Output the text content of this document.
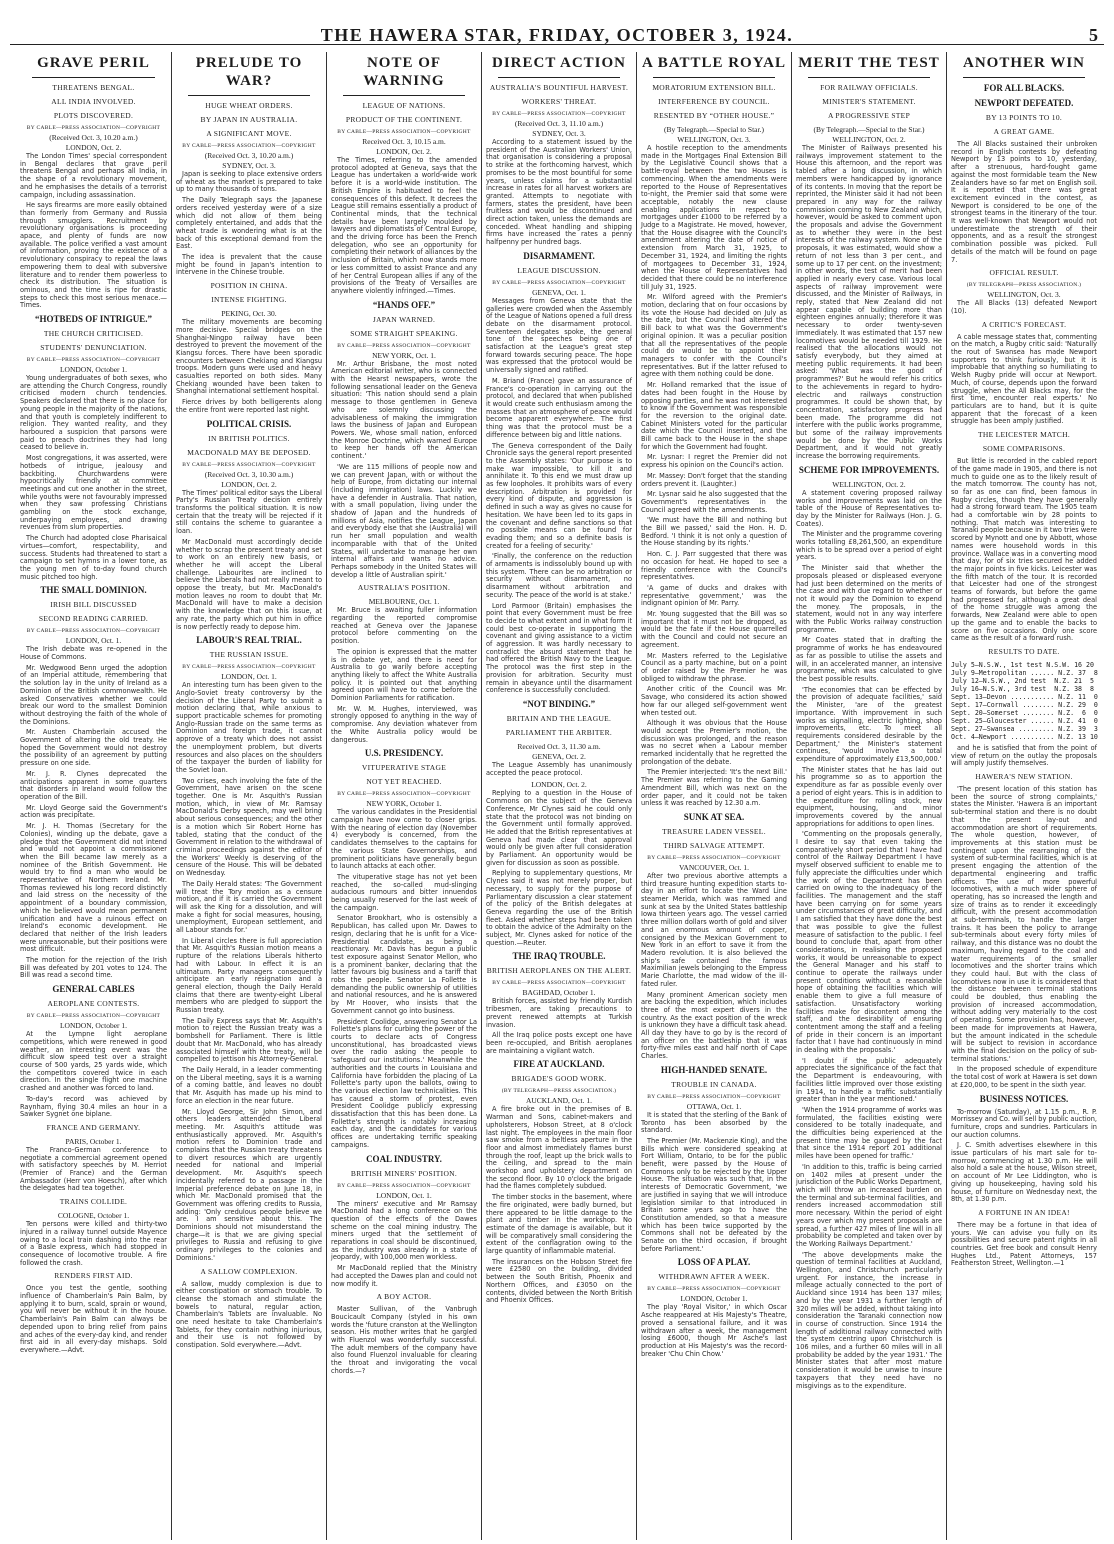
THE HAWERA STAR, FRIDAY, OCTOBER 3, 1924.	5
GRAVE PERIL
THREATENS BENGAL.
ALL INDIA INVOLVED.
PLOTS DISCOVERED.
BY CABLE—PRESS ASSOCIATION—COPYRIGHT
(Received Oct. 3, 10.20 a.m.)
LONDON, Oct. 2.
The London Times' special correspondent in Bengal declares that grave peril threatens Bengal and perhaps all India, in the shape of a revolutionary movement, and he emphasises the details of a terrorist campaign, including assassination.
He says firearms are more easily obtained than formerly from Germany and Russia through smugglers. Recruitment by revolutionary organisations is proceeding apace, and plenty of funds are now available. The police verified a vast amount of information, proving the existence of a revolutionary conspiracy to repeal the laws empowering them to deal with subversive literature and to render them powerless to check its distribution. The situation is ominous, and the time is ripe for drastic steps to check this most serious menace.—Times.
“HOTBEDS OF INTRIGUE.”
THE CHURCH CRITICISED.
STUDENTS' DENUNCIATION.
BY CABLE—PRESS ASSOCIATION—COPYRIGHT
LONDON, October 1.
Young undergraduates of both sexes, who are attending the Church Congress, roundly criticised modern church tendencies. Speakers declared that there is no place for young people in the majority of the nations, and that youth is completely indifferent to religion. They wanted reality, and they harboured a suspicion that parsons were paid to preach doctrines they had long ceased to believe in.
Most congregations, it was asserted, were hotbeds of intrigue, jealousy and backbiting. Churchwardens were hypocritically friendly at committee meetings and cut one another in the street, while youths were not favourably impressed when they saw professing Christians gambling on the stock exchange, underpaying employees, and drawing revenues from slum properties.
The Church had adopted close Pharisaical virtues—comfort, respectability, and success. Students had threatened to start a campaign to set hymns in a lower tone, as the young men of to-day found church music pitched too high.
THE SMALL DOMINION.
IRISH BILL DISCUSSED
SECOND READING CARRIED.
BY CABLE—PRESS ASSOCIATION—COPYRIGHT
LONDON, Oct. 1.
The Irish debate was re-opened in the House of Commons.
Mr. Wedgwood Benn urged the adoption of an Imperial attitude, remembering that the solution lay in the unity of Ireland as a Dominion of the British commonwealth. He asked Conservatives whether we could break our word to the smallest Dominion without destroying the faith of the whole of the Dominions.
Mr. Austen Chamberlain accused the Government of altering the old treaty. He hoped the Government would not destroy the possibility of an agreement by putting pressure on one side.
Mr. J. R. Clynes deprecated the anticipations apparent in some quarters that disorders in Ireland would follow the operation of the Bill.
Mr. Lloyd George said the Government's action was precipitate.
Mr. J. H. Thomas (Secretary for the Colonies), winding up the debate, gave a pledge that the Government did not intend and would not appoint a commissioner when the Bill became law merely as a nominee of the British Government. He would try to find a man who would be representative of Northern Ireland. Mr. Thomas reviewed his long record distinctly and laid stress on the necessity of the appointment of a boundary commission, which he believed would mean permanent unification and have a ruinous effect on Ireland's economic development. He declared that neither of the Irish leaders were unreasonable, but their positions were most difficult.
The motion for the rejection of the Irish Bill was defeated by 201 votes to 124. The Bill was read a second time.
GENERAL CABLES
AEROPLANE CONTESTS.
BY CABLE—PRESS ASSOCIATION—COPYRIGHT
LONDON, October 1.
At the Lympne light aeroplane competitions, which were renewed in good weather, an interesting event was the difficult slow speed test over a straight course of 500 yards, 25 yards wide, which the competitors covered twice in each direction. In the single flight one machine crashed and another was forced to land.
To-day's record was achieved by Raynham, flying 30.4 miles an hour in a Sawker Sygnet one biplane.
FRANCE AND GERMANY.
PARIS, October 1.
The Franco-German conference to negotiate a commercial agreement opened with satisfactory speeches by M. Herriot (Premier of France) and the German Ambassador (Herr von Hoesch), after which the delegates had tea together.
TRAINS COLLIDE.
COLOGNE, October 1.
Ten persons were killed and thirty-two injured in a railway tunnel outside Mayence owing to a local train dashing into the rear of a Basle express, which had stopped in consequence of locomotive trouble. A fire followed the crash.
RENDERS FIRST AID.
Once you test the gentle, soothing influence of Chamberlain's Pain Balm, by applying it to burn, scald, sprain or wound, you will never be without it in the house. Chamberlain's Pain Balm can always be depended upon to bring relief from pains and aches of the every-day kind, and render first aid in all every-day mishaps. Sold everywhere.—Advt.
PRELUDE TO WAR?
HUGE WHEAT ORDERS.
BY JAPAN IN AUSTRALIA.
A SIGNIFICANT MOVE.
BY CABLE—PRESS ASSOCIATION—COPYRIGHT
(Received Oct. 3, 10.20 a.m.)
SYDNEY, Oct. 3.
Japan is seeking to place extensive orders of wheat as the market is prepared to take up to many thousands of tons.
The Daily Telegraph says the Japanese orders received yesterday were of a size which did not allow of them being completely entertained, and adds that the wheat trade is wondering what is at the back of this exceptional demand from the East.
The idea is prevalent that the cause might be found in Japan's intention to intervene in the Chinese trouble.
POSITION IN CHINA.
INTENSE FIGHTING.
PEKING, Oct. 30.
The military movements are becoming more decisive. Special bridges on the Shanghai-Ningpo railway have been destroyed to prevent the movement of the Kiangsu forces. There have been sporadic encounters between Chekiang and Kiangsu troops. Modern guns were used and heavy casualties reported on both sides. Many Chekiang wounded have been taken to Shanghai international settlement hospital.
Fierce drives by both belligerents along the entire front were reported last night.
POLITICAL CRISIS.
IN BRITISH POLITICS.
MACDONALD MAY BE DEPOSED.
BY CABLE—PRESS ASSOCIATION—COPYRIGHT
(Received Oct. 3, 10.30 a.m.)
LONDON, Oct. 2.
The Times' political editor says the Liberal Party's Russian Treaty decision entirely transforms the political situation. It is now certain that the treaty will be rejected if it still contains the scheme to guarantee a loan.
Mr MacDonald must accordingly decide whether to scrap the present treaty and set to work on an entirely new basis, or whether he will accept the Liberal challenge. Labourites are inclined to believe the Liberals had not really meant to oppose the treaty, but Mr. MacDonald's motion leaves no room to doubt that Mr. MacDonald will have to make a decision with the knowledge that on this issue, at any rate, the party which put him in office is now perfectly ready to depose him.
LABOUR'S REAL TRIAL.
THE RUSSIAN ISSUE.
BY CABLE—PRESS ASSOCIATION—COPYRIGHT
LONDON, Oct. 1.
An interesting turn has been given to the Anglo-Soviet treaty controversy by the decision of the Liberal Party to submit a motion declaring that, while anxious to support practicable schemes for promoting Anglo-Russian trade on the same terms as Dominion and foreign trade, it cannot approve of a treaty which does not assist the unemployment problem, but diverts resources and also places on the shoulders of the taxpayer the burden of liability for the Soviet loan.
Two crises, each involving the fate of the Government, have arisen on the scene together. One is Mr. Asquith's Russian motion, which, in view of Mr. Ramsay MacDonald's Derby speech, may well bring about serious consequences; and the other is a motion which Sir Robert Horne has tabled, stating that the conduct of the Government in relation to the withdrawal of criminal proceedings against the editor of the Workers' Weekly is deserving of the censure of the House. This will be debated on Wednesday.
The Daily Herald states: 'The Government will treat the Tory motion as a censure motion, and if it is carried the Government will ask the King for a dissolution, and will make a fight for social measures, housing, unemployment, European settlement, and all Labour stands for.'
In Liberal circles there is full appreciation that Mr. Asquith's Russian motion means a rupture of the relations Liberals hitherto had with Labour. In effect it is an ultimatum. Party managers consequently anticipate an early resignation and a general election, though the Daily Herald claims that there are twenty-eight Liberal members who are pledged to support the Russian treaty.
The Daily Express says that Mr. Asquith's motion to reject the Russian treaty was a bombshell for Parliament. There is little doubt that Mr. MacDonald, who has already associated himself with the treaty, will be compelled to jettison his Attorney-General.
The Daily Herald, in a leader commenting on the Liberal meeting, says it is a warning of a coming battle, and leaves no doubt that Mr. Asquith has made up his mind to force an election in the near future.
Mr. Lloyd George, Sir John Simon, and others leaders attended the Liberal meeting. Mr. Asquith's attitude was enthusiastically approved. Mr. Asquith's motion refers to Dominion trade and complains that the Russian treaty threatens to divert resources which are urgently needed for national and Imperial development. Mr. Asquith's speech incidentally referred to a passage in the Imperial preference debate on June 18, in which Mr. MacDonald promised that the Government was offering credits to Russia, adding: 'Only credulous people believe we are. I am sensitive about this. The Dominions should not misunderstand the charge—it is that we are giving special privileges to Russia and refusing to give ordinary privileges to the colonies and Dominions.'
A SALLOW COMPLEXION.
A sallow, muddy complexion is due to either constipation or stomach trouble. To cleanse the stomach and stimulate the bowels to natural, regular action, Chamberlain's Tablets are invaluable. No one need hesitate to take Chamberlain's Tablets, for they contain nothing injurious, and their use is not followed by constipation. Sold everywhere.—Advt.
NOTE OF WARNING
LEAGUE OF NATIONS.
PRODUCT OF THE CONTINENT.
BY CABLE—PRESS ASSOCIATION—COPYRIGHT
Received Oct. 3, 10.15 a.m.
LONDON, Oct. 2.
The Times, referring to the amended protocol adopted at Geneva, says that the League has undertaken a world-wide work before it is a world-wide institution. The British Empire is habituated to feel the consequences of this defect. It decrees the League still remains essentially a product of Continental minds, that the technical details have been largely moulded by lawyers and diplomatists of Central Europe, and the driving force has been the French delegation, who see an opportunity for completing their network of alliances by the inclusion of Britain, which now stands more or less committed to assist France and any of her Central European allies if any of the provisions of the Treaty of Versailles are anywhere violently infringed.—Times.
“HANDS OFF.”
JAPAN WARNED.
SOME STRAIGHT SPEAKING.
BY CABLE—PRESS ASSOCIATION—COPYRIGHT
NEW YORK, Oct. 1.
Mr. Arthur Brisbane, the most noted American editorial writer, who is connected with the Hearst newspapers, wrote the following sensational leader on the Geneva situation: 'This nation should send a plain message to those gentlemen in Geneva who are solemnly discussing the advisableness of making the immigration laws the business of Japan and European Powers. We, whose small nation, enforced the Monroe Doctrine, which warned Europe to keep her hands off the American continent.'
'We are 115 millions of people now and we can prevent Japan, with or without the help of Europe, from dictating our internal (including immigration) laws. Luckily we have a defender in Australia. That nation, with a small population, living under the shadow of Japan and the hundreds of millions of Asia, notifies the League, Japan and everybody else that she (Australia) will run her small population and wealth incomparable with that of the United States, will undertake to manage her own internal affairs and wants no advice. Perhaps somebody in the United States will develop a little of Australian spirit.'
AUSTRALIA'S POSITION.
MELBOURNE, Oct. 1.
Mr. Bruce is awaiting fuller information regarding the reported compromise reached at Geneva over the Japanese protocol before commenting on the position.
The opinion is expressed that the matter is in debate yet, and there is need for Australia to go warily before accepting anything likely to affect the White Australia policy. It is pointed out that anything agreed upon will have to come before the Dominion Parliaments for ratification.
Mr. W. M. Hughes, interviewed, was strongly opposed to anything in the way of compromise. Any deviation whatever from the White Australia policy would be dangerous.
U.S. PRESIDENCY.
VITUPERATIVE STAGE
NOT YET REACHED.
BY CABLE—PRESS ASSOCIATION—COPYRIGHT
NEW YORK, October 1.
The various candidates in the Presidential campaign have now come to closer grips. With the nearing of election day (November 4) everybody is concerned, from the candidates themselves to the captains for the various State Governorships, and prominent politicians have generally begun to launch attacks at each other.
The vituperative stage has not yet been reached, the so-called mud-slinging audacious rumours and bitter innuendos being usually reserved for the last week of the campaign.
Senator Brookhart, who is ostensibly a Republican, has called upon Mr. Dawes to resign, declaring that he is unfit for a Vice-Presidential candidate, as being a reactionary. Mr. Davis has begun a public test exposure against Senator Mellon, who is a prominent banker, declaring that the latter favours big business and a tariff that robs the people. Senator La Follette is demanding the public ownership of utilities and national resources, and he is answered by Mr Hoover, who insists that the Government cannot go into business.
President Coolidge, answering Senator La Follette's plans for curbing the power of the courts to declare acts of Congress unconstitutional, has broadcasted views over the radio asking the people to 'safeguard our institutions.' Meanwhile the authorities and the courts in Louisiana and California have forbidden the placing of La Follette's party upon the ballots, owing to the various election law technicalities. This has caused a storm of protest, even President Coolidge publicly expressing dissatisfaction that this has been done. La Follette's strength is notably increasing each day, and the candidates for various offices are undertaking terrific speaking campaigns.
COAL INDUSTRY.
BRITISH MINERS' POSITION.
BY CABLE—PRESS ASSOCIATION—COPYRIGHT
LONDON, Oct. 1.
The miners' executive and Mr Ramsay MacDonald had a long conference on the question of the effects of the Dawes scheme on the coal mining industry. The miners urged that the settlement of reparations in coal should be discontinued, as the industry was already in a state of jeopardy, with 100,000 men workless.
Mr MacDonald replied that the Ministry had accepted the Dawes plan and could not now modify it.
A BOY ACTOR.
Master Sullivan, of the Vanbrugh Boucicault Company (styled in his own words the 'future cranston at the Wellington season. His mother writes that he gargled with Fluenzol was wonderfully successful. The adult members of the company have also found Fluenzol invaluable for clearing the throat and invigorating the vocal chords.—?
DIRECT ACTION
AUSTRALIA'S BOUNTIFUL HARVEST.
WORKERS' THREAT.
BY CABLE—PRESS ASSOCIATION—COPYRIGHT
(Received Oct. 3, 11.10 a.m.)
SYDNEY, Oct. 3.
According to a statement issued by the president of the Australian Workers' Union, that organisation is considering a proposal to strike at the forthcoming harvest, which promises to be the most bountiful for some years, unless claims for a substantial increase in rates for all harvest workers are granted. Attempts to negotiate with farmers, states the president, have been fruitless and would be discontinued and direct action taken, unless the demands are conceded. Wheat handling and shipping firms have increased the rates a penny halfpenny per hundred bags.
DISARMAMENT.
LEAGUE DISCUSSION.
BY CABLE—PRESS ASSOCIATION—COPYRIGHT
GENEVA, Oct. 1.
Messages from Geneva state that the galleries were crowded when the Assembly of the League of Nations opened a full dress debate on the disarmament protocol. Seventeen delegates spoke, the general tone of the speeches being one of satisfaction at the League's great step forward towards securing peace. The hope was expressed that the protocol would be universally signed and ratified.
M. Briand (France) gave an assurance of France's co-operation in carrying out the protocol, and declared that when published it would create such enthusiasm among the masses that an atmosphere of peace would become apparent everywhere. The first thing was that the protocol must be a difference between big and little nations.
The Geneva correspondent of the Daily Chronicle says the general report presented to the Assembly states: 'Our purpose is to make war impossible, to kill it and annihilate it. To this end we must draw up as few loopholes. It prohibits wars of every description. Arbitration is provided for every kind of dispute, and aggression is defined in such a way as gives no cause for hesitation. We have been led to its gaps in the covenant and define sanctions so that no possible means can be found for evading them; and so a definite basis is created for a feeling of security.'
'Finally, the conference on the reduction of armaments is indissolubly bound up with this system. There can be no arbitration or security without disarmament, no disarmament without arbitration and security. The peace of the world is at stake.'
Lord Parmoor (Britain) emphasises the point that every Government must be free to decide to what extent and in what form it could best co-operate in supporting the covenant and giving assistance to a victim of aggression. It was hardly necessary to contradict the absurd statement that he had offered the British Navy to the League. The protocol was the first step in the provision for arbitration. Security must remain in abeyance until the disarmament conference is successfully concluded.
“NOT BINDING.”
BRITAIN AND THE LEAGUE.
PARLIAMENT THE ARBITER.
Received Oct. 3, 11.30 a.m.
GENEVA, Oct. 2.
The League Assembly has unanimously accepted the peace protocol.
LONDON, Oct. 2.
Replying to a question in the House of Commons on the subject of the Geneva Conference, Mr Clynes said he could only state that the protocol was not binding on the Government until formally approved. He added that the British representatives at Geneva had made clear that approval would only be given after full consideration by Parliament. An opportunity would be given for discussion as soon as possible.
Replying to supplementary questions, Mr Clynes said it was not merely proper, but necessary, to supply for the purpose of Parliamentary discussion a clear statement of the policy of the British delegates at Geneva regarding the use of the British fleet. Asked whether steps had been taken to obtain the advice of the Admiralty on the subject, Mr. Clynes asked for notice of the question.—Reuter.
THE IRAQ TROUBLE.
BRITISH AEROPLANES ON THE ALERT.
BY CABLE—PRESS ASSOCIATION—COPYRIGHT
BAGHDAD, October 1.
British forces, assisted by friendly Kurdish tribesmen, are taking precautions to prevent renewed attempts at Turkish invasion.
All the Iraq police posts except one have been re-occupied, and British aeroplanes are maintaining a vigilant watch.
FIRE AT AUCKLAND.
BRIGADE'S GOOD WORK.
(BY TELEGRAPH—PRESS ASSOCIATION.)
AUCKLAND, Oct. 1.
A fire broke out in the premises of B. Warman and Sons, cabinet-makers and upholsterers, Hobson Street, at 8 o'clock last night. The employees in the main floor saw smoke from a beltless aperture in the floor and almost immediately flames burst through the roof, leapt up the brick walls to the ceiling, and spread to the main workshop and upholstery department on the second floor. By 10 o'clock the brigade had the flames completely subdued.
The timber stocks in the basement, where the fire originated, were badly burned, but there appeared to be little damage to the plant and timber in the workshop. No estimate of the damage is available, but it will be comparatively small considering the extent of the conflagration owing to the large quantity of inflammable material.
The insurances on the Hobson Street fire were £2580 on the building, divided between the South British, Phoenix and Northern Offices, and £3050 on the contents, divided between the North British and Phoenix Offices.
A BATTLE ROYAL
MORATORIUM EXTENSION BILL.
INTERFERENCE BY COUNCIL.
RESENTED BY “OTHER HOUSE.”
(By Telegraph.—Special to Star.)
WELLINGTON, Oct. 3.
A hostile reception to the amendments made in the Mortgages Final Extension Bill by the Legislative Council shows that a battle-royal between the two Houses is commencing. When the amendments were reported to the House of Representatives to-night, the Premier said that some were acceptable, notably the new clause enabling applications in respect to mortgages under £1000 to be referred by a Judge to a Magistrate. He moved, however, that the House disagree with the Council's amendment altering the date of notice of extension from March 31, 1925, to December 31, 1924, and limiting the rights of mortgagees to December 31, 1924, when the House of Representatives had decided that there could be no interference till July 31, 1925.
Mr. Wilford agreed with the Premier's motion, declaring that on four occasions by its vote the House had decided on July as the date, but the Council had altered the Bill back to what was the Government's original opinion. It was a peculiar position that all the representatives of the people could do would be to appoint their managers to confer with the Council's representatives. But if the latter refused to agree with them nothing could be done.
Mr. Holland remarked that the issue of dates had been fought in the House by opposing parties, and he was not interested to know if the Government was responsible for the reversion to the original date. Cabinet Ministers voted for the particular date which the Council inserted, and the Bill came back to the House in the shape for which the Government had fought.
Mr. Lysnar: I regret the Premier did not express his opinion on the Council's action.
Mr. Massey: Don't forget that the standing orders prevent it. (Laughter.)
Mr. Lysnar said he also suggested that the Government's representatives in the Council agreed with the amendments.
'We must have the Bill and nothing but the Bill we passed,' said the Hon. H. D. Bedford. 'I think it is not only a question of the House standing by its rights.'
Hon. C. J. Parr suggested that there was no occasion for heat. He hoped to see a friendly conference with the Council's representatives.
'A game of ducks and drakes with representative government,' was the indignant opinion of Mr. Parry.
Mr. Young suggested that the Bill was so important that it must not be dropped, as would be the fate if the House quarrelled with the Council and could not secure an agreement.
Mr. Masters referred to the Legislative Council as a party machine, but on a point of order raised by the Premier he was obliged to withdraw the phrase.
Another critic of the Council was Mr. Savage, who considered its action showed how far our alleged self-government went when tested out.
Although it was obvious that the House would accept the Premier's motion, the discussion was prolonged, and the reason was no secret when a Labour member remarked incidentally that he regretted the prolongation of the debate.
The Premier interjected: 'It's the next Bill.' The Premier was referring to the Gaming Amendment Bill, which was next on the order paper, and it could not be taken unless it was reached by 12.30 a.m.
SUNK AT SEA.
TREASURE LADEN VESSEL.
THIRD SALVAGE ATTEMPT.
BY CABLE—PRESS ASSOCIATION—COPYRIGHT
VANCOUVER, Oct. 1.
After two previous abortive attempts a third treasure hunting expedition starts to-day in an effort to locate the Ward Line steamer Merida, which was rammed and sunk at sea by the United States battleship Iowa thirteen years ago. The vessel carried three million dollars worth of gold and silver and an enormous amount of copper, consigned by the Mexican Government to New York in an effort to save it from the Madero revolution. It is also believed the ship's safe contained the famous Maximilian jewels belonging to the Empress Marie Charlotte, the mad widow of the ill-fated ruler.
Many prominent American society men are backing the expedition, which includes three of the most expert divers in the country. As the exact position of the wreck is unknown they have a difficult task ahead. All day they have to go by is the record of an officer on the battleship that it was forty-five miles east and half north of Cape Charles.
HIGH-HANDED SENATE.
TROUBLE IN CANADA.
BY CABLE—PRESS ASSOCIATION—COPYRIGHT
OTTAWA, Oct. 1.
It is stated that the sterling of the Bank of Toronto has been absorbed by the standard.
The Premier (Mr. Mackenzie King), and the Bills which were considered speaking at Fort William, Ontario, to be for the public benefit, were passed by the House of Commons only to be rejected by the Upper House. The situation was such that, in the interests of Democratic Government, 'we are justified in saying that we will introduce legislation similar to that introduced in Britain some years ago to have the Constitution amended, so that a measure which has been twice supported by the Commons shall not be defeated by the Senate on the third occasion, if brought before Parliament.'
LOSS OF A PLAY.
WITHDRAWN AFTER A WEEK.
BY CABLE—PRESS ASSOCIATION—COPYRIGHT
LONDON, October 1.
The play 'Royal Visitor,' in which Oscar Asche reappeared at His Majesty's Theatre, proved a sensational failure, and it was withdrawn after a week, the management losing £6000, though Mr Asche's last production at His Majesty's was the record-breaker 'Chu Chin Chow.'
MERIT THE TEST
FOR RAILWAY OFFICIALS.
MINISTER'S STATEMENT.
A PROGRESSIVE STEP
(By Telegraph.—Special to the Star.)
WELLINGTON, Oct. 2.
The Minister of Railways presented his railways improvement statement to the House this afternoon, and the report was tabled after a long discussion, in which members were handicapped by ignorance of its contents. In moving that the report be reprinted, the Minister said it had not been prepared in any way for the railway commission coming to New Zealand which, however, would be asked to comment upon the proposals and advise the Government as to whether they were in the best interests of the railway system. None of the proposals, it was estimated, would show a return of not less than 3 per cent., and some up to 17 per cent. on the investment; in other words, the test of merit had been applied in nearly every case. Various local aspects of railway improvement were discussed, and the Minister of Railways, in reply, stated that New Zealand did not appear capable of building more than eighteen engines annually; therefore it was necessary to order twenty-seven immediately. It was estimated that 157 new locomotives would be needed till 1929. He realised that the allocations would not satisfy everybody, but they aimed at meeting public requirements. It had been asked: 'What was the good of programmes?' But he would refer his critics to the achievements in regard to hydro-electric and railways construction programmes. It could be shown that, by concentration, satisfactory progress had been made. The programme did not interfere with the public works programme, but some of the railway improvements would be done by the Public Works Department, and it would not greatly increase the borrowing requirements.
SCHEME FOR IMPROVEMENTS.
WELLINGTON, Oct. 2.
A statement covering proposed railway works and improvements was laid on the table of the House of Representatives to-day by the Minister for Railways (Hon. J. G. Coates).
The Minister and the programme covering works totalling £8,261,500, an expenditure which is to be spread over a period of eight years.
The Minister said that whether the proposals pleased or displeased everyone had just been determined on the merits of the case and with due regard to whether or not it would pay the Dominion to expend the money. The proposals, in the statement, would not in any way interfere with the Public Works railway construction programme.
Mr Coates stated that in drafting the programme of works he has endeavoured as far as possible to utilise the assets and will, in an accelerated manner, an intensive programme, which was calculated to give the best possible results.
'The economies that can be effected by the provision of adequate facilities,' said the Minister, 'are of the greatest importance. With improvement in such works as signalling, electric lighting, shop improvements, etc. To meet all requirements considered desirable by the Department,' the Minister's statement continues, 'would involve a total expenditure of approximately £13,500,000.'
The Minister states that he has laid out his programme so as to apportion the expenditure as far as possible evenly over a period of eight years. This is in addition to the expenditure for rolling stock, new equipment, housing, and minor improvements covered by the annual appropriations for additions to open lines.
'Commenting on the proposals generally, I desire to say that even taking the comparatively short period that I have had control of the Railway Department I have myself observed sufficient to enable me to fully appreciate the difficulties under which the work of the Department has been carried on owing to the inadequacy of the facilities. The management and the staff have been carrying on for some years under circumstances of great difficulty, and I am satisfied that they have done the best that was possible to give the fullest measure of satisfaction to the public. I feel bound to conclude that, apart from other considerations, in realising the proposed works, it would be unreasonable to expect the General Manager and his staff to continue to operate the railways under present conditions without a reasonable hope of obtaining the facilities which will enable them to give a full measure of satisfaction. Unsatisfactory working facilities make for discontent among the staff, and the desirability of ensuring contentment among the staff and a feeling of pride in their concern is an important factor that I have had continuously in mind in dealing with the proposals.'
'I doubt if the public adequately appreciates the significance of the fact that the Department is endeavouring, with facilities little improved over those existing in 1914, to handle a traffic substantially greater than in the year mentioned.'
'When the 1914 programme of works was formulated, the facilities existing were considered to be totally inadequate, and the difficulties being experienced at the present time may be gauged by the fact that since the 1914 report 201 additional miles have been opened for traffic.'
'In addition to this, traffic is being carried on 1402 miles at present under the jurisdiction of the Public Works Department, which will throw an increased burden on the terminal and sub-terminal facilities, and renders increased accommodation still more necessary. Within the period of eight years over which my present proposals are spread, a further 427 miles of line will in all probability be completed and taken over by the Working Railways Department.'
'The above developments make the question of terminal facilities at Auckland, Wellington, and Christchurch particularly urgent. For instance, the increase in mileage actually connected to the port of Auckland since 1914 has been 137 miles; and by the year 1931 a further length of 320 miles will be added, without taking into consideration the Taranaki connection now in course of construction. Since 1914 the length of additional railway connected with the system centring upon Christchurch is 106 miles, and a further 60 miles will in all probability be added by the year 1931.' The Minister states that after most mature consideration it would be unwise to insure taxpayers that they need have no misgivings as to the expenditure.
ANOTHER WIN
FOR ALL BLACKS.
NEWPORT DEFEATED.
BY 13 POINTS TO 10.
A GREAT GAME.
The All Blacks sustained their unbroken record in English contests by defeating Newport by 13 points to 10, yesterday, after a strenuous, hard-fought game against the most formidable team the New Zealanders have so far met on English soil. It is reported that there was great excitement evinced in the contest, as Newport is considered to be one of the strongest teams in the itinerary of the tour. It was well-known that Newport would not underestimate the strength of their opponents, and as a result the strongest combination possible was picked. Full details of the match will be found on page 7.
OFFICIAL RESULT.
(BY TELEGRAPH—PRESS ASSOCIATION.)
WELLINGTON, Oct. 3.
The All Blacks (13) defeated Newport (10).
A CRITIC'S FORECAST.
A cable message states that, commenting on the match, a Rugby critic said: 'Naturally the rout of Swansea has made Newport supporters to think furiously, but it is improbable that anything so humiliating to Welsh Rugby pride will occur at Newport. Much, of course, depends upon the forward struggle, when the All Blacks may, for the first time, encounter real experts.' No particulars are to hand, but it is quite apparent that the forecast of a keen struggle has been amply justified.
THE LEICESTER MATCH.
SOME COMPARISONS.
But little is recorded in the cabled report of the game made in 1905, and there is not much to guide one as to the likely result of the match tomorrow. The county has not, so far as one can find, been famous in Rugby circles, though they have generally had a strong forward team. The 1905 team had a comfortable win by 28 points to nothing. That match was interesting to Taranaki people because in it two tries were scored by Mynott and one by Abbott, whose names were household words in this province. Wallace was in a converting mood that day, for of six tries secured he added the major points in five kicks. Leicester was the fifth match of the tour. It is recorded that Leicester had one of the strongest teams of forwards, but before the game had progressed far, although a great deal of the home struggle was among the forwards, New Zealand were able to open up the game and to enable the backs to score on five occasions. Only one score came as the result of a forward rush.
RESULTS TO DATE.
July 5—N.S.W., 1st test N.S.W. 16 20
July 9—Metropolitan ...... N.Z. 37  8
July 12—N.S.W., 2nd test  N.Z. 21  5
July 16—N.S.W., 3rd test  N.Z. 38  8
Sept. 13—Devon ........... N.Z. 11  0
Sept. 17—Cornwall ........ N.Z. 29  0
Sept. 20—Somerset ........ N.Z.  6  0
Sept. 25—Gloucester ...... N.Z. 41  0
Sept. 27—Swansea ......... N.Z. 39  3
Oct. 4—Newport ........... N.Z. 13 10
and he is satisfied that from the point of view of return on the outlay the proposals will amply justify themselves.
HAWERA'S NEW STATION.
'The present location of this station has been the source of strong complaints,' states the Minister. 'Hawera is an important sub-terminal station and there is no doubt that the present lay-out and accommodation are short of requirements. The whole question, however, of improvements at this station must be contingent upon the rearranging of the system of sub-terminal facilities, which is at present engaging the attention of the departmental engineering and traffic officers. The use of more powerful locomotives, with a much wider sphere of operating, has so increased the length and size of trains as to render it exceedingly difficult, with the present accommodation at sub-terminals, to handle the larger trains. It has been the policy to arrange sub-terminals about every forty miles of railway, and this distance was no doubt the maximum, having regard to the coal and water requirements of the smaller locomotives and the shorter trains which they could haul. But with the class of locomotives now in use it is considered that the distance between terminal stations could be doubled, thus enabling the provision of increased accommodation, without adding very materially to the cost of operating. Some provision has, however, been made for improvements at Hawera, but the amount indicated in the schedule will be subject to revision in accordance with the final decision on the policy of sub-terminal stations.'
In the proposed schedule of expenditure the total cost of work at Hawera is set down at £20,000, to be spent in the sixth year.
BUSINESS NOTICES.
To-morrow (Saturday), at 1.15 p.m., R. P. Morrissey and Co. will sell by public auction, furniture, crops and sundries. Particulars in our auction columns.
J. C. Smith advertises elsewhere in this issue particulars of his mart sale for to-morrow, commencing at 1.30 p.m. He will also hold a sale at the house, Wilson street, on account of Mr Lee Liddington, who is giving up housekeeping, having sold his house, of furniture on Wednesday next, the 8th, at 1.30 p.m.
A FORTUNE IN AN IDEA!
There may be a fortune in that idea of yours. We can advise you fully on its possibilities and secure patent rights in all countries. Get free book and consult Henry Hughes Ltd., Patent Attorneys, 157 Featherston Street, Wellington.—1
